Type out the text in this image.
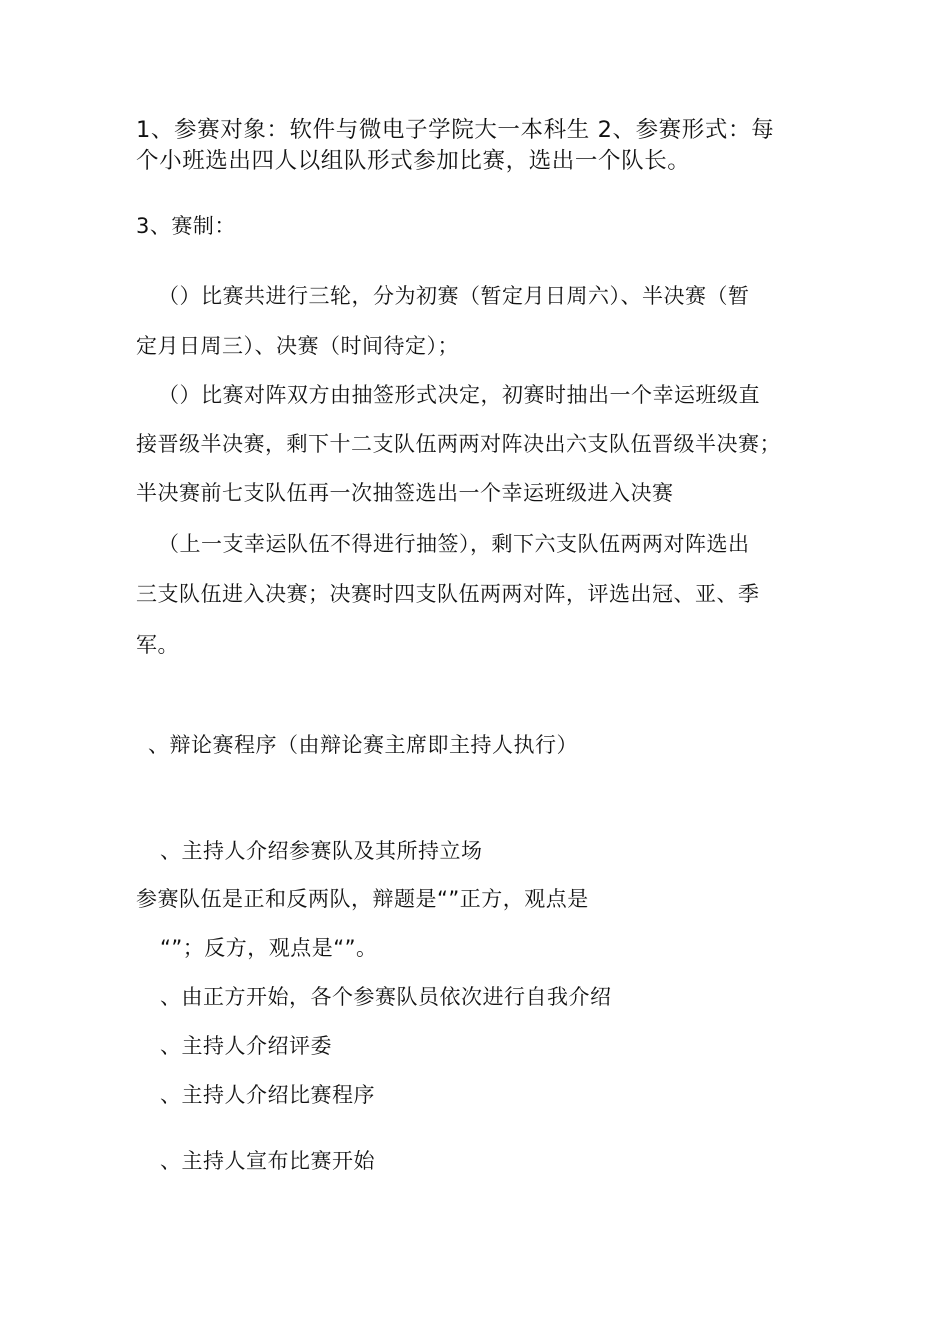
1、参赛对象：软件与微电子学院大一本科生 2、参赛形式：每
个小班选出四人以组队形式参加比赛，选出一个队长。
3、赛制：
（）比赛共进行三轮，分为初赛（暂定月日周六）、半决赛（暂
定月日周三）、决赛（时间待定）；
（）比赛对阵双方由抽签形式决定，初赛时抽出一个幸运班级直
接晋级半决赛，剩下十二支队伍两两对阵决出六支队伍晋级半决赛；
半决赛前七支队伍再一次抽签选出一个幸运班级进入决赛
（上一支幸运队伍不得进行抽签），剩下六支队伍两两对阵选出
三支队伍进入决赛；决赛时四支队伍两两对阵，评选出冠、亚、季
军。
、辩论赛程序（由辩论赛主席即主持人执行）
、主持人介绍参赛队及其所持立场
参赛队伍是正和反两队，辩题是“”正方，观点是
“”；反方，观点是“”。
、由正方开始，各个参赛队员依次进行自我介绍
、主持人介绍评委
、主持人介绍比赛程序
、主持人宣布比赛开始
